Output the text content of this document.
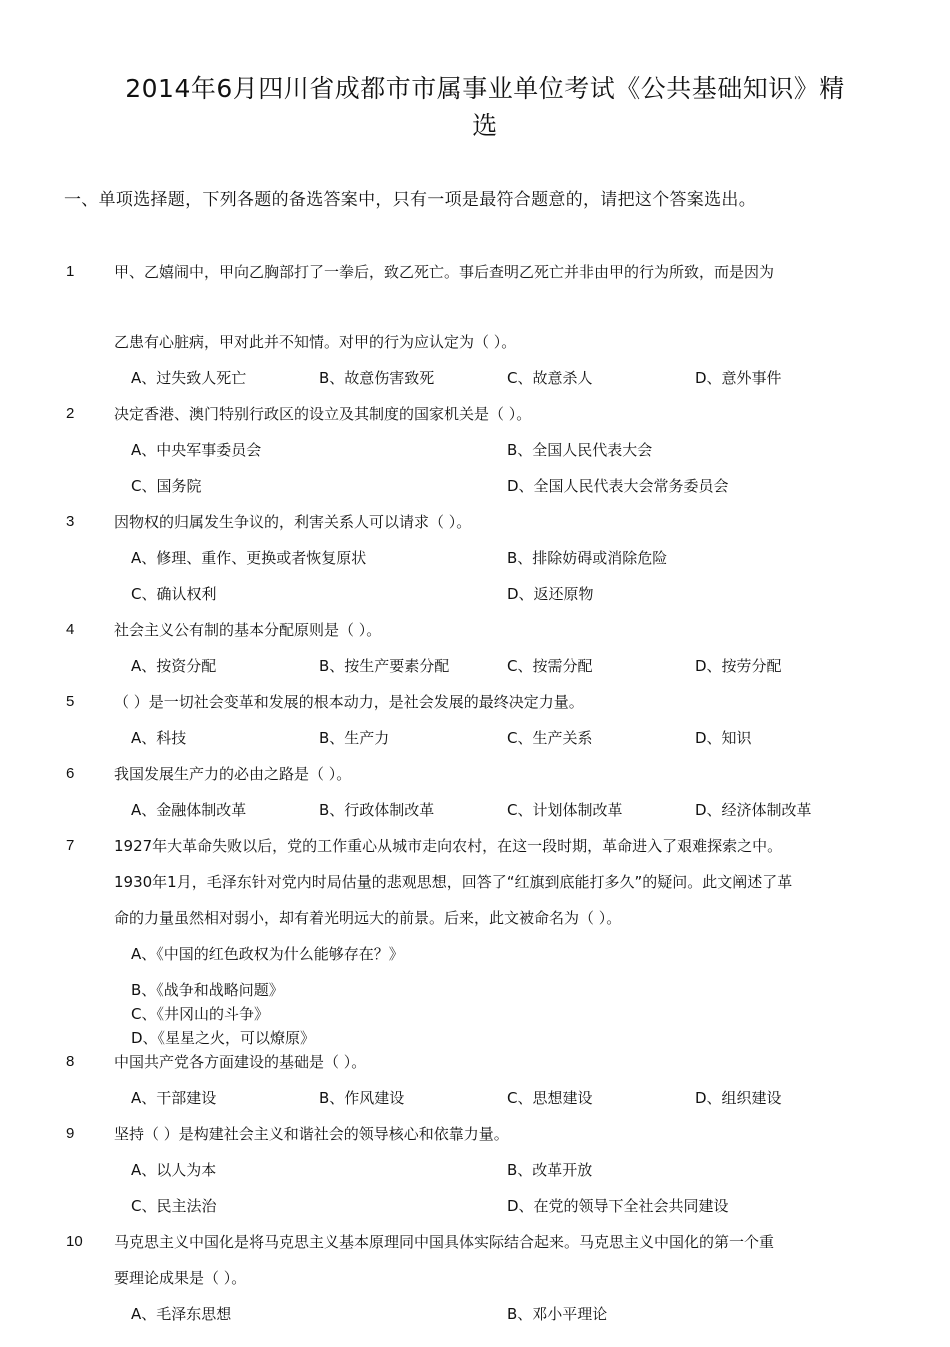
2014年6月四川省成都市市属事业单位考试《公共基础知识》精
选
一、单项选择题，下列各题的备选答案中，只有一项是最符合题意的，请把这个答案选出。
1	甲、乙嬉闹中，甲向乙胸部打了一拳后，致乙死亡。事后查明乙死亡并非由甲的行为所致，而是因为
乙患有心脏病，甲对此并不知情。对甲的行为应认定为（ ）。
A、过失致人死亡	B、故意伤害致死	C、故意杀人	D、意外事件
2	决定香港、澳门特别行政区的设立及其制度的国家机关是（ ）。
A、中央军事委员会	B、全国人民代表大会
C、国务院	D、全国人民代表大会常务委员会
3	因物权的归属发生争议的，利害关系人可以请求（ ）。
A、修理、重作、更换或者恢复原状	B、排除妨碍或消除危险
C、确认权利	D、返还原物
4	社会主义公有制的基本分配原则是（ ）。
A、按资分配	B、按生产要素分配	C、按需分配	D、按劳分配
5	（ ）是一切社会变革和发展的根本动力，是社会发展的最终决定力量。
A、科技	B、生产力	C、生产关系	D、知识
6	我国发展生产力的必由之路是（ ）。
A、金融体制改革	B、行政体制改革	C、计划体制改革	D、经济体制改革
7	1927年大革命失败以后，党的工作重心从城市走向农村，在这一段时期，革命进入了艰难探索之中。
1930年1月，毛泽东针对党内时局估量的悲观思想，回答了“红旗到底能打多久”的疑问。此文阐述了革
命的力量虽然相对弱小，却有着光明远大的前景。后来，此文被命名为（ ）。
A、《中国的红色政权为什么能够存在？》
B、《战争和战略问题》
C、《井冈山的斗争》
D、《星星之火，可以燎原》
8	中国共产党各方面建设的基础是（ ）。
A、干部建设	B、作风建设	C、思想建设	D、组织建设
9	坚持（ ）是构建社会主义和谐社会的领导核心和依靠力量。
A、以人为本	B、改革开放
C、民主法治	D、在党的领导下全社会共同建设
10 马克思主义中国化是将马克思主义基本原理同中国具体实际结合起来。马克思主义中国化的第一个重
要理论成果是（ ）。
A、毛泽东思想	B、邓小平理论
